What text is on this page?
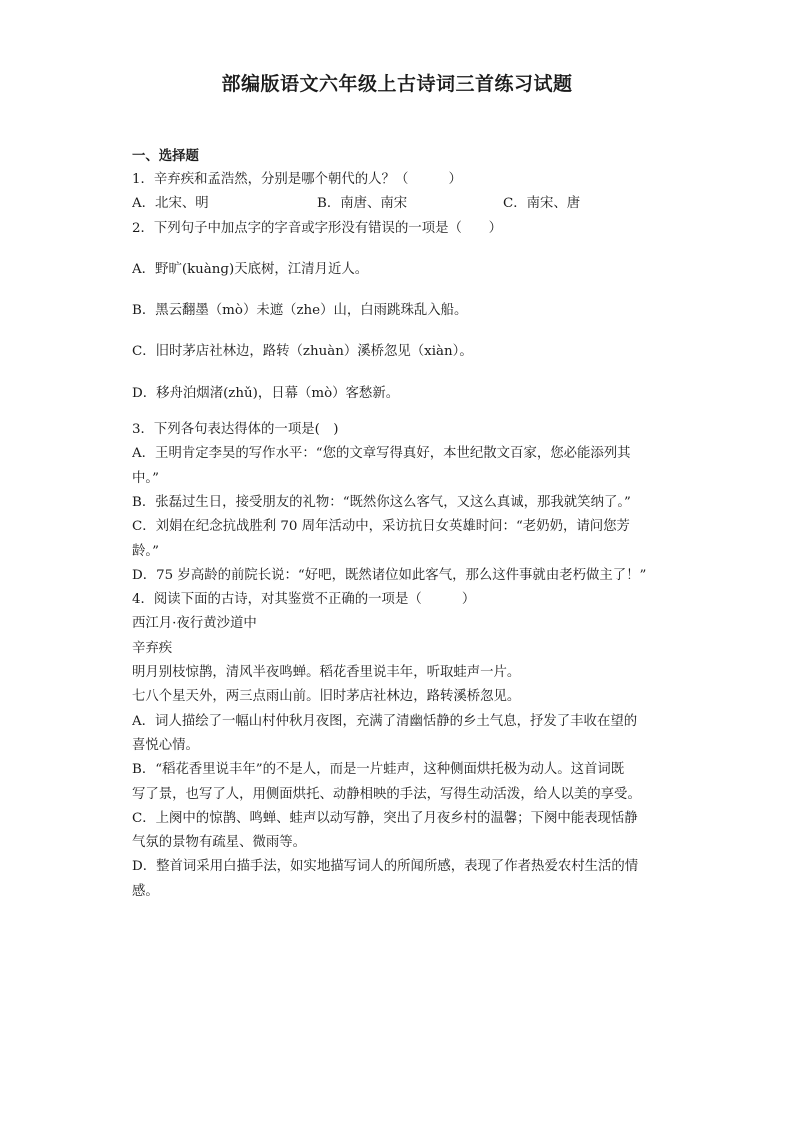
部编版语文六年级上古诗词三首练习试题
一、选择题
1．辛弃疾和孟浩然，分别是哪个朝代的人？（　　　）
A．北宋、明	B．南唐、南宋	C．南宋、唐
2．下列句子中加点字的字音或字形没有错误的一项是（　　）
A．野旷(kuànɡ)天底树，江清月近人。
B．黑云翻墨（mò）未遮（zhe）山，白雨跳珠乱入船。
C．旧时茅店社林边，路转（zhuàn）溪桥忽见（xiàn）。
D．移舟泊烟渚(zhǔ)，日幕（mò）客愁新。
3．下列各句表达得体的一项是(　)
A．王明肯定李昊的写作水平：“您的文章写得真好，本世纪散文百家，您必能添列其
中。”
B．张磊过生日，接受朋友的礼物：“既然你这么客气，又这么真诚，那我就笑纳了。”
C．刘娟在纪念抗战胜利 70 周年活动中，采访抗日女英雄时问：“老奶奶，请问您芳
龄。”
D．75 岁高龄的前院长说：“好吧，既然诸位如此客气，那么这件事就由老朽做主了！”
4．阅读下面的古诗，对其鉴赏不正确的一项是（　　　）
西江月·夜行黄沙道中
辛弃疾
明月别枝惊鹊，清风半夜鸣蝉。稻花香里说丰年，听取蛙声一片。
七八个星天外，两三点雨山前。旧时茅店社林边，路转溪桥忽见。
A．词人描绘了一幅山村仲秋月夜图，充满了清幽恬静的乡土气息，抒发了丰收在望的
喜悦心情。
B．“稻花香里说丰年”的不是人，而是一片蛙声，这种侧面烘托极为动人。这首词既
写了景，也写了人，用侧面烘托、动静相映的手法，写得生动活泼，给人以美的享受。
C．上阕中的惊鹊、鸣蝉、蛙声以动写静，突出了月夜乡村的温馨；下阕中能表现恬静
气氛的景物有疏星、微雨等。
D．整首词采用白描手法，如实地描写词人的所闻所感，表现了作者热爱农村生活的情
感。
